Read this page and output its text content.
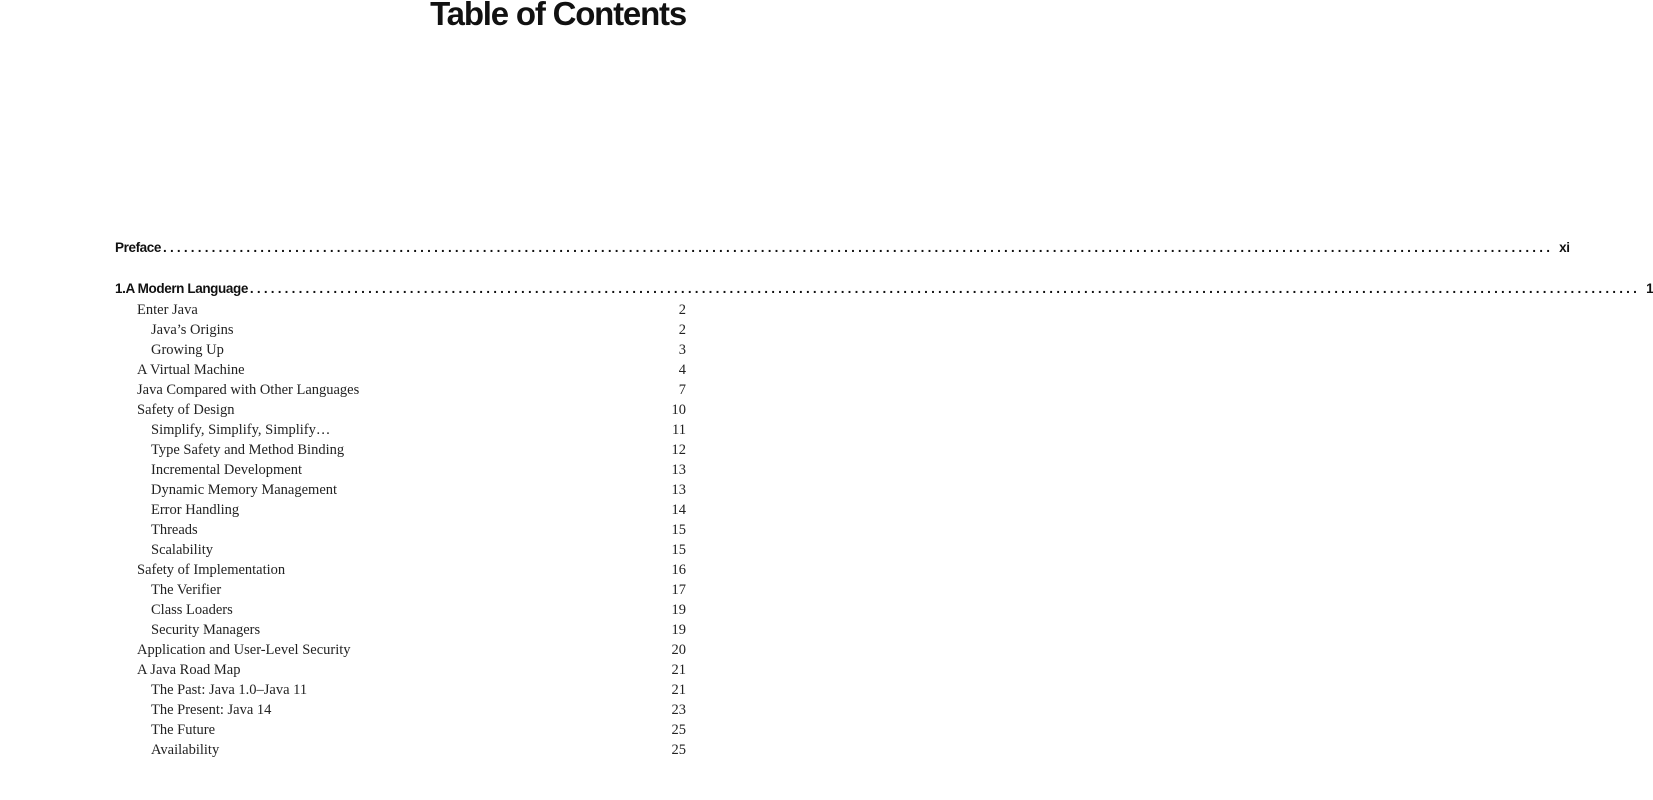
Table of Contents
Preface ........................................................................................................................................................................................................ xi
1. A Modern Language ........................................................................................................................................................................................................ 1
Enter Java	2
Java’s Origins	2
Growing Up	3
A Virtual Machine	4
Java Compared with Other Languages	7
Safety of Design	10
Simplify, Simplify, Simplify…	11
Type Safety and Method Binding	12
Incremental Development	13
Dynamic Memory Management	13
Error Handling	14
Threads	15
Scalability	15
Safety of Implementation	16
The Verifier	17
Class Loaders	19
Security Managers	19
Application and User-Level Security	20
A Java Road Map	21
The Past: Java 1.0–Java 11	21
The Present: Java 14	23
The Future	25
Availability	25
